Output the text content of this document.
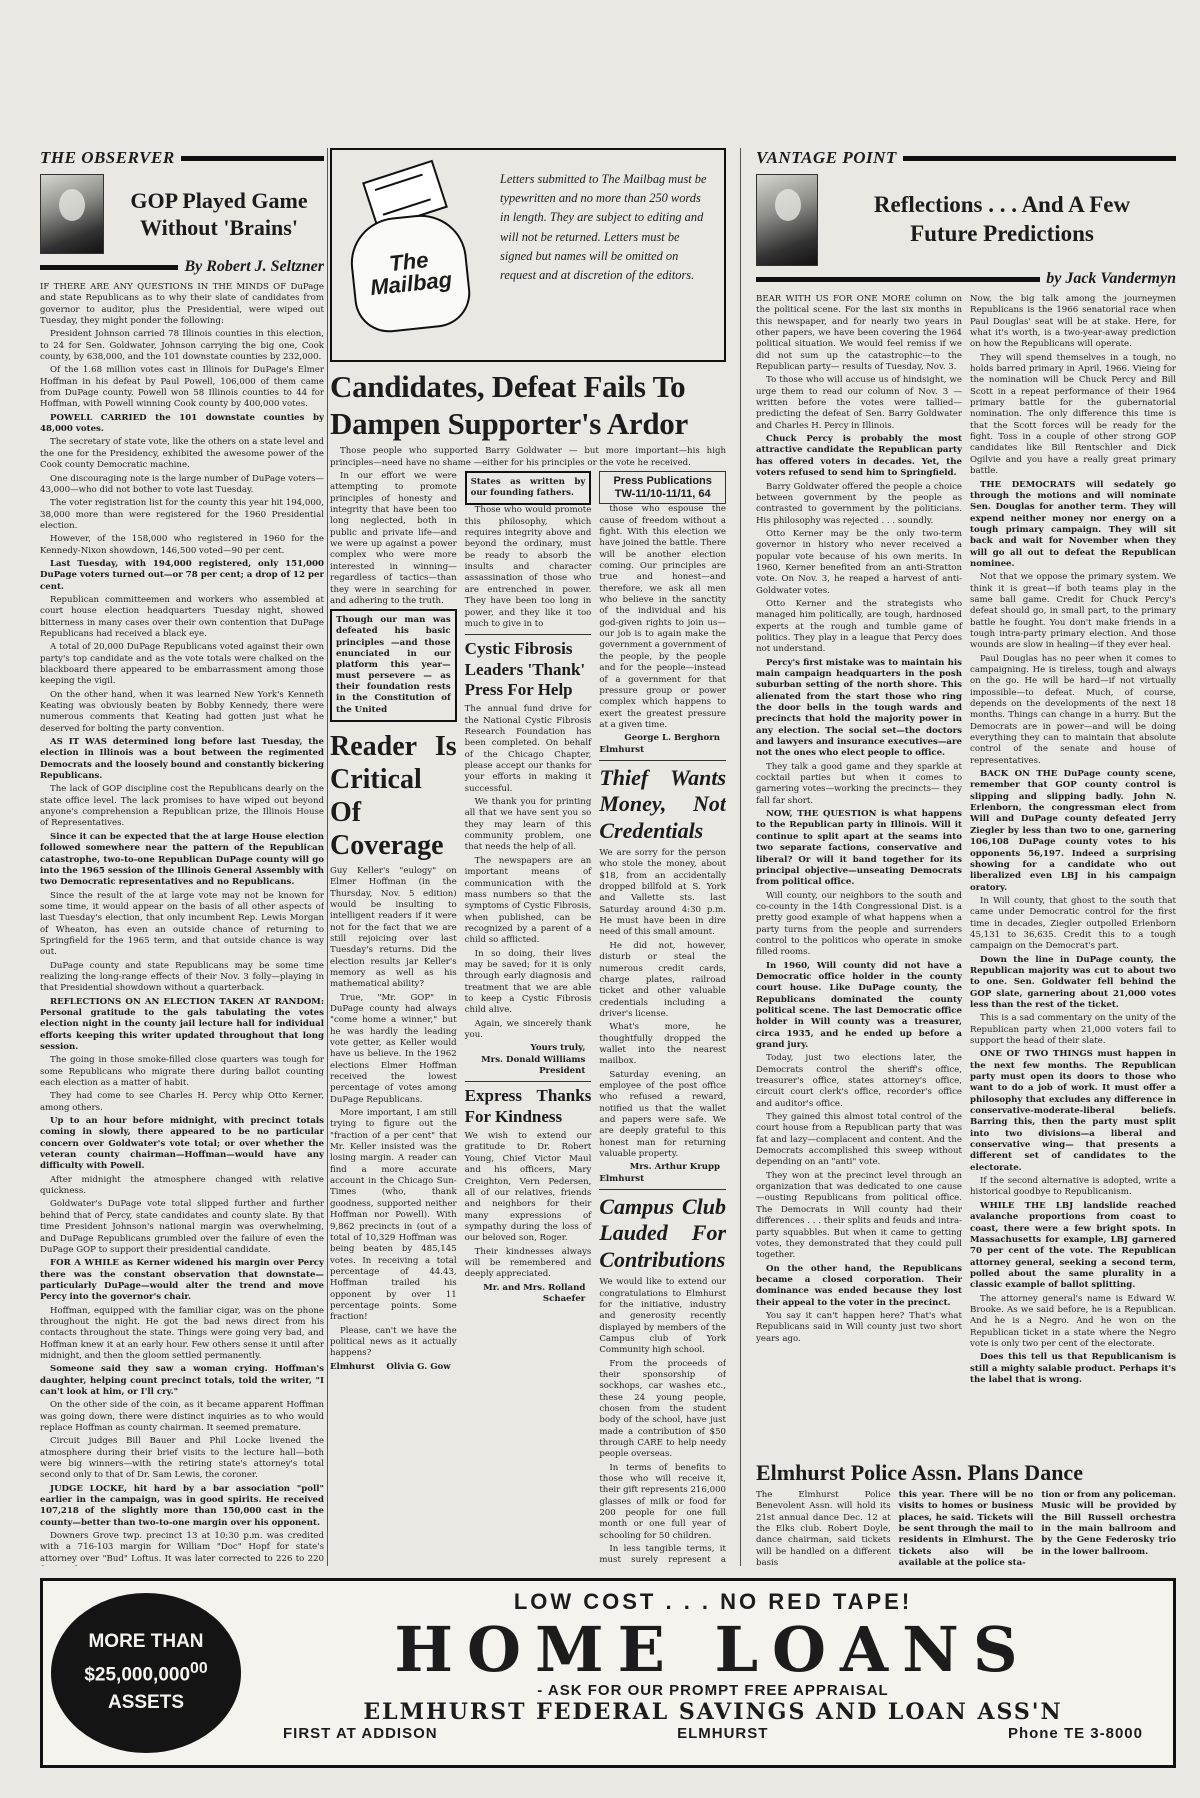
THE OBSERVER
GOP Played Game
Without 'Brains'
By Robert J. Seltzner

IF THERE ARE ANY QUESTIONS IN THE MINDS OF DuPage and state Republicans as to why their slate of candidates from governor to auditor, plus the Presidential, were wiped out Tuesday, they might ponder the following:

President Johnson carried 78 Illinois counties in this election, to 24 for Sen. Goldwater, Johnson carrying the big one, Cook county, by 638,000, and the 101 downstate counties by 232,000.

Of the 1.68 million votes cast in Illinois for DuPage's Elmer Hoffman in his defeat by Paul Powell, 106,000 of them came from DuPage county. Powell won 58 Illinois counties to 44 for Hoffman, with Powell winning Cook county by 400,000 votes.

POWELL CARRIED the 101 downstate counties by 48,000 votes.

The secretary of state vote, like the others on a state level and the one for the Presidency, exhibited the awesome power of the Cook county Democratic machine.

One discouraging note is the large number of DuPage voters—43,000—who did not bother to vote last Tuesday.

The voter registration list for the county this year hit 194,000, 38,000 more than were registered for the 1960 Presidential election.

However, of the 158,000 who registered in 1960 for the Kennedy-Nixon showdown, 146,500 voted—90 per cent.

Last Tuesday, with 194,000 registered, only 151,000 DuPage voters turned out—or 78 per cent; a drop of 12 per cent.

Republican committeemen and workers who assembled at court house election headquarters Tuesday night, showed bitterness in many cases over their own contention that DuPage Republicans had received a black eye.

A total of 20,000 DuPage Republicans voted against their own party's top candidate and as the vote totals were chalked on the blackboard there appeared to be embarrassment among those keeping the vigil.

On the other hand, when it was learned New York's Kenneth Keating was obviously beaten by Bobby Kennedy, there were numerous comments that Keating had gotten just what he deserved for bolting the party convention.

AS IT WAS determined long before last Tuesday, the election in Illinois was a bout between the regimented Democrats and the loosely bound and constantly bickering Republicans.

The lack of GOP discipline cost the Republicans dearly on the state office level. The lack promises to have wiped out beyond anyone's comprehension a Republican prize, the Illinois House of Representatives.

Since it can be expected that the at large House election followed somewhere near the pattern of the Republican catastrophe, two-to-one Republican DuPage county will go into the 1965 session of the Illinois General Assembly with two Democratic representatives and no Republicans.

Since the result of the at large vote may not be known for some time, it would appear on the basis of all other aspects of last Tuesday's election, that only incumbent Rep. Lewis Morgan of Wheaton, has even an outside chance of returning to Springfield for the 1965 term, and that outside chance is way out.

DuPage county and state Republicans may be some time realizing the long-range effects of their Nov. 3 folly—playing in that Presidential showdown without a quarterback.

REFLECTIONS ON AN ELECTION TAKEN AT RANDOM: Personal gratitude to the gals tabulating the votes election night in the county jail lecture hall for individual efforts keeping this writer updated throughout that long session.

The going in those smoke-filled close quarters was tough for some Republicans who migrate there during ballot counting each election as a matter of habit.

They had come to see Charles H. Percy whip Otto Kerner, among others.

Up to an hour before midnight, with precinct totals coming in slowly, there appeared to be no particular concern over Goldwater's vote total; or over whether the veteran county chairman—Hoffman—would have any difficulty with Powell.

After midnight the atmosphere changed with relative quickness.

Goldwater's DuPage vote total slipped further and further behind that of Percy, state candidates and county slate. By that time President Johnson's national margin was overwhelming, and DuPage Republicans grumbled over the failure of even the DuPage GOP to support their presidential candidate.

FOR A WHILE as Kerner widened his margin over Percy there was the constant observation that downstate—particularly DuPage—would alter the trend and move Percy into the governor's chair.

Hoffman, equipped with the familiar cigar, was on the phone throughout the night. He got the bad news direct from his contacts throughout the state. Things were going very bad, and Hoffman knew it at an early hour. Few others sense it until after midnight, and then the gloom settled permanently.

Someone said they saw a woman crying. Hoffman's daughter, helping count precinct totals, told the writer, "I can't look at him, or I'll cry."

On the other side of the coin, as it became apparent Hoffman was going down, there were distinct inquiries as to who would replace Hoffman as county chairman. It seemed premature.

Circuit judges Bill Bauer and Phil Locke livened the atmosphere during their brief visits to the lecture hall—both were big winners—with the retiring state's attorney's total second only to that of Dr. Sam Lewis, the coroner.

JUDGE LOCKE, hit hard by a bar association "poll" earlier in the campaign, was in good spirits. He received 107,218 of the slightly more than 150,000 cast in the county—better than two-to-one margin over his opponent.

Downers Grove twp. precinct 13 at 10:30 p.m. was credited with a 716-103 margin for William "Doc" Hopf for state's attorney over "Bud" Loftus. It was later corrected to 226 to 220

The Mailbag
Letters submitted to The Mailbag must be typewritten and no more than 250 words in length. They are subject to editing and will not be returned. Letters must be signed but names will be omitted on request and at discretion of the editors.
Candidates, Defeat Fails To Dampen Supporter's Ardor

Those people who supported Barry Goldwater — but more important—his high principles—need have no shame —either for his principles or the vote he received.

In our effort we were attempting to promote principles of honesty and integrity that have been too long neglected, both in public and private life—and we were up against a power complex who were more interested in winning—regardless of tactics—than they were in searching for and adhering to the truth.

Though our man was defeated his basic principles —and those enunciated in our platform this year— must persevere — as their foundation rests in the Constitution of the United
Reader Is Critical Of Coverage

Guy Keller's "eulogy" on Elmer Hoffman (in the Thursday, Nov. 5 edition) would be insulting to intelligent readers if it were not for the fact that we are still rejoicing over last Tuesday's returns. Did the election results jar Keller's memory as well as his mathematical ability?

True, "Mr. GOP" in DuPage county had always "come home a winner," but he was hardly the leading vote getter, as Keller would have us believe. In the 1962 elections Elmer Hoffman received the lowest percentage of votes among DuPage Republicans.

More important, I am still trying to figure out the "fraction of a per cent" that Mr. Keller insisted was the losing margin. A reader can find a more accurate account in the Chicago Sun-Times (who, thank goodness, supported neither Hoffman nor Powell). With 9,862 precincts in (out of a total of 10,329 Hoffman was being beaten by 485,145 votes. In receiving a total percentage of 44.43, Hoffman trailed his opponent by over 11 percentage points. Some fraction!

Please, can't we have the political news as it actually happens?

Elmhurst Olivia G. Gow
States as written by our founding fathers.

Those who would promote this philosophy, which requires integrity above and beyond the ordinary, must be ready to absorb the insults and character assassination of those who are entrenched in power. They have been too long in power, and they like it too much to give in to

Cystic Fibrosis
Leaders 'Thank'
Press For Help

The annual fund drive for the National Cystic Fibrosis Research Foundation has been completed. On behalf of the Chicago Chapter, please accept our thanks for your efforts in making it successful.

We thank you for printing all that we have sent you so they may learn of this community problem, one that needs the help of all.

The newspapers are an important means of communication with the mass numbers so that the symptoms of Cystic Fibrosis, when published, can be recognized by a parent of a child so afflicted.

In so doing, their lives may be saved; for it is only through early diagnosis and treatment that we are able to keep a Cystic Fibrosis child alive.

Again, we sincerely thank you.

Yours truly,
Mrs. Donald Williams
President
Express Thanks For Kindness

We wish to extend our gratitude to Dr. Robert Young, Chief Victor Maul and his officers, Mary Creighton, Vern Pedersen, all of our relatives, friends and neighbors for their many expressions of sympathy during the loss of our beloved son, Roger.

Their kindnesses always will be remembered and deeply appreciated.

Mr. and Mrs. Rolland Schaefer
Press Publications
TW-11/10-11/11, 64

those who espouse the cause of freedom without a fight. With this election we have joined the battle. There will be another election coming. Our principles are true and honest—and therefore, we ask all men who believe in the sanctity of the individual and his god-given rights to join us—our job is to again make the government a government of the people, by the people and for the people—instead of a government for that pressure group or power complex which happens to exert the greatest pressure at a given time.

George L. Berghorn
Elmhurst
Thief Wants Money, Not Credentials

We are sorry for the person who stole the money, about $18, from an accidentally dropped billfold at S. York and Vallette sts. last Saturday around 4:30 p.m. He must have been in dire need of this small amount.

He did not, however, disturb or steal the numerous credit cards, charge plates, railroad ticket and other valuable credentials including a driver's license.

What's more, he thoughtfully dropped the wallet into the nearest mailbox.

Saturday evening, an employee of the post office who refused a reward, notified us that the wallet and papers were safe. We are deeply grateful to this honest man for returning valuable property.

Mrs. Arthur Krupp
Elmhurst
Campus Club Lauded For Contributions

We would like to extend our congratulations to Elmhurst for the initiative, industry and generosity recently displayed by members of the Campus club of York Community high school.

From the proceeds of their sponsorship of sockhops, car washes etc., these 24 young people, chosen from the student body of the school, have just made a contribution of $50 through CARE to help needy people overseas.

In terms of benefits to those who will receive it, their gift represents 216,000 glasses of milk or food for 200 people for one full month or one full year of schooling for 50 children.

In less tangible terms, it must surely represent a

VANTAGE POINT
Reflections . . . And A Few
Future Predictions
by Jack Vandermyn

BEAR WITH US FOR ONE MORE column on the political scene. For the last six months in this newspaper, and for nearly two years in other papers, we have been covering the 1964 political situation. We would feel remiss if we did not sum up the catastrophic—to the Republican party— results of Tuesday, Nov. 3.

To those who will accuse us of hindsight, we urge them to read our column of Nov. 3 —written before the votes were tallied— predicting the defeat of Sen. Barry Goldwater and Charles H. Percy in Illinois.

Chuck Percy is probably the most attractive candidate the Republican party has offered voters in decades. Yet, the voters refused to send him to Springfield.

Barry Goldwater offered the people a choice between government by the people as contrasted to government by the politicians. His philosophy was rejected . . . soundly.

Otto Kerner may be the only two-term governor in history who never received a popular vote because of his own merits. In 1960, Kerner benefited from an anti-Stratton vote. On Nov. 3, he reaped a harvest of anti-Goldwater votes.

Otto Kerner and the strategists who managed him politically, are tough, hardnosed experts at the rough and tumble game of politics. They play in a league that Percy does not understand.

Percy's first mistake was to maintain his main campaign headquarters in the posh suburban setting of the north shore. This alienated from the start those who ring the door bells in the tough wards and precincts that hold the majority power in any election. The social set—the doctors and lawyers and insurance executives—are not the ones who elect people to office.

They talk a good game and they sparkle at cocktail parties but when it comes to garnering votes—working the precincts— they fall far short.

NOW, THE QUESTION is what happens to the Republican party in Illinois. Will it continue to split apart at the seams into two separate factions, conservative and liberal? Or will it band together for its principal objective—unseating Democrats from political office.

Will county, our neighbors to the south and co-county in the 14th Congressional Dist. is a pretty good example of what happens when a party turns from the people and surrenders control to the politicos who operate in smoke filled rooms.

In 1960, Will county did not have a Democratic office holder in the county court house. Like DuPage county, the Republicans dominated the county political scene. The last Democratic office holder in Will county was a treasurer, circa 1935, and he ended up before a grand jury.

Today, just two elections later, the Democrats control the sheriff's office, treasurer's office, states attorney's office, circuit court clerk's office, recorder's office and auditor's office.

They gained this almost total control of the court house from a Republican party that was fat and lazy—complacent and content. And the Democrats accomplished this sweep without depending on an "anti" vote.

They won at the precinct level through an organization that was dedicated to one cause—ousting Republicans from political office. The Democrats in Will county had their differences . . . their splits and feuds and intra-party squabbles. But when it came to getting votes, they demonstrated that they could pull together.

On the other hand, the Republicans became a closed corporation. Their dominance was ended because they lost their appeal to the voter in the precinct.

You say it can't happen here? That's what Republicans said in Will county just two short years ago.

Now, the big talk among the journeymen Republicans is the 1966 senatorial race when Paul Douglas' seat will be at stake. Here, for what it's worth, is a two-year-away prediction on how the Republicans will operate.

They will spend themselves in a tough, no holds barred primary in April, 1966. Vieing for the nomination will be Chuck Percy and Bill Scott in a repeat performance of their 1964 primary battle for the gubernatorial nomination. The only difference this time is that the Scott forces will be ready for the fight. Toss in a couple of other strong GOP candidates like Bill Rentschler and Dick Ogilvie and you have a really great primary battle.

THE DEMOCRATS will sedately go through the motions and will nominate Sen. Douglas for another term. They will expend neither money nor energy on a tough primary campaign. They will sit back and wait for November when they will go all out to defeat the Republican nominee.

Not that we oppose the primary system. We think it is great—if both teams play in the same ball game. Credit for Chuck Percy's defeat should go, in small part, to the primary battle he fought. You don't make friends in a tough intra-party primary election. And those wounds are slow in healing—if they ever heal.

Paul Douglas has no peer when it comes to campaigning. He is tireless, tough and always on the go. He will be hard—if not virtually impossible—to defeat. Much, of course, depends on the developments of the next 18 months. Things can change in a hurry. But the Democrats are in power—and will be doing everything they can to maintain that absolute control of the senate and house of representatives.

BACK ON THE DuPage county scene, remember that GOP county control is slipping and slipping badly. John N. Erlenborn, the congressman elect from Will and DuPage county defeated Jerry Ziegler by less than two to one, garnering 106,108 DuPage county votes to his opponents 56,197. Indeed a surprising showing for a candidate who out liberalized even LBJ in his campaign oratory.

In Will county, that ghost to the south that came under Democratic control for the first time in decades, Ziegler outpolled Erlenborn 45,131 to 36,635. Credit this to a tough campaign on the Democrat's part.

Down the line in DuPage county, the Republican majority was cut to about two to one. Sen. Goldwater fell behind the GOP slate, garnering about 21,000 votes less than the rest of the ticket.

This is a sad commentary on the unity of the Republican party when 21,000 voters fail to support the head of their slate.

ONE OF TWO THINGS must happen in the next few months. The Republican party must open its doors to those who want to do a job of work. It must offer a philosophy that excludes any difference in conservative-moderate-liberal beliefs. Barring this, then the party must split into two divisions—a liberal and conservative wing— that presents a different set of candidates to the electorate.

If the second alternative is adopted, write a historical goodbye to Republicanism.

WHILE THE LBJ landslide reached avalanche proportions from coast to coast, there were a few bright spots. In Massachusetts for example, LBJ garnered 70 per cent of the vote. The Republican attorney general, seeking a second term, polled about the same plurality in a classic example of ballot splitting.

The attorney general's name is Edward W. Brooke. As we said before, he is a Republican. And he is a Negro. And he won on the Republican ticket in a state where the Negro vote is only two per cent of the electorate.

Does this tell us that Republicanism is still a mighty salable product. Perhaps it's the label that is wrong.

Elmhurst Police Assn. Plans Dance
The Elmhurst Police Benevolent Assn. will hold its 21st annual dance Dec. 12 at the Elks club. Robert Doyle, dance chairman, said tickets will be handled on a different basis
this year. There will be no visits to homes or business places, he said. Tickets will be sent through the mail to residents in Elmhurst. The tickets also will be available at the police sta-
tion or from any policeman. Music will be provided by the Bill Russell orchestra in the main ballroom and by the Gene Federosky trio in the lower ballroom.
MORE THAN
$25,000,000$^{00}$
ASSETS
LOW COST . . . NO RED TAPE!
HOME LOANS
- ASK FOR OUR PROMPT FREE APPRAISAL
ELMHURST FEDERAL SAVINGS AND LOAN ASS'N
FIRST AT ADDISON	ELMHURST	Phone TE 3-8000
